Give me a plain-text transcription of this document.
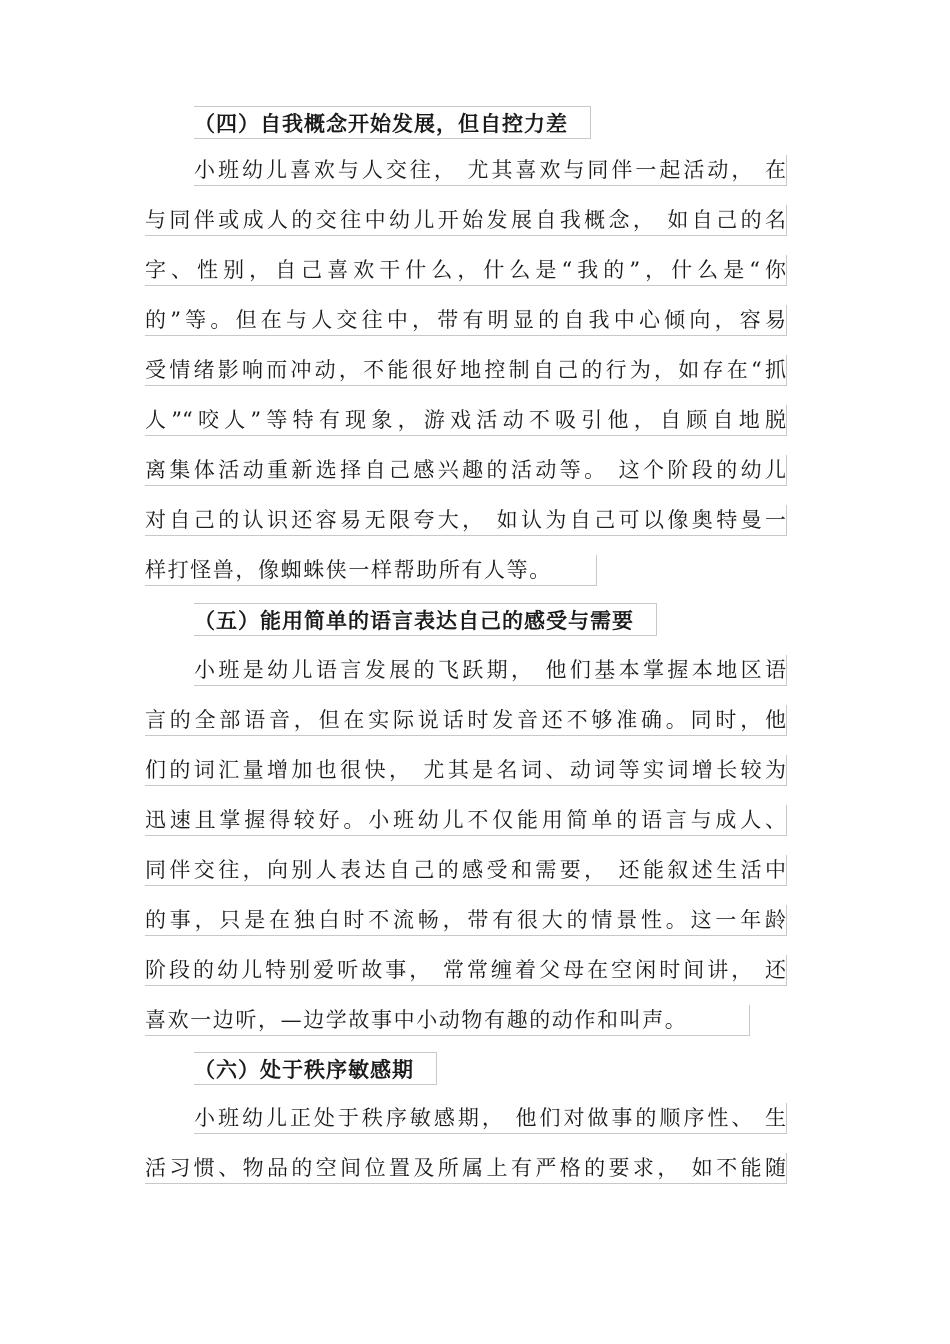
（四）自我概念开始发展，但自控力差
小班幼儿喜欢与人交往， 尤其喜欢与同伴一起活动， 在
与同伴或成人的交往中幼儿开始发展自我概念， 如自己的名
字、性别，自己喜欢干什么，什么是“我的”，什么是“你
的”等。但在与人交往中，带有明显的自我中心倾向，容易
受情绪影响而冲动，不能很好地控制自己的行为，如存在“抓
人”“咬人”等特有现象，游戏活动不吸引他，自顾自地脱
离集体活动重新选择自己感兴趣的活动等。 这个阶段的幼儿
对自己的认识还容易无限夸大， 如认为自己可以像奥特曼一
样打怪兽，像蜘蛛侠一样帮助所有人等。
（五）能用简单的语言表达自己的感受与需要
小班是幼儿语言发展的飞跃期， 他们基本掌握本地区语
言的全部语音，但在实际说话时发音还不够准确。同时，他
们的词汇量增加也很快， 尤其是名词、动词等实词增长较为
迅速且掌握得较好。小班幼儿不仅能用简单的语言与成人、
同伴交往，向别人表达自己的感受和需要， 还能叙述生活中
的事，只是在独白时不流畅，带有很大的情景性。这一年龄
阶段的幼儿特别爱听故事， 常常缠着父母在空闲时间讲， 还
喜欢一边听，—边学故事中小动物有趣的动作和叫声。
（六）处于秩序敏感期
小班幼儿正处于秩序敏感期， 他们对做事的顺序性、 生
活习惯、物品的空间位置及所属上有严格的要求， 如不能随
